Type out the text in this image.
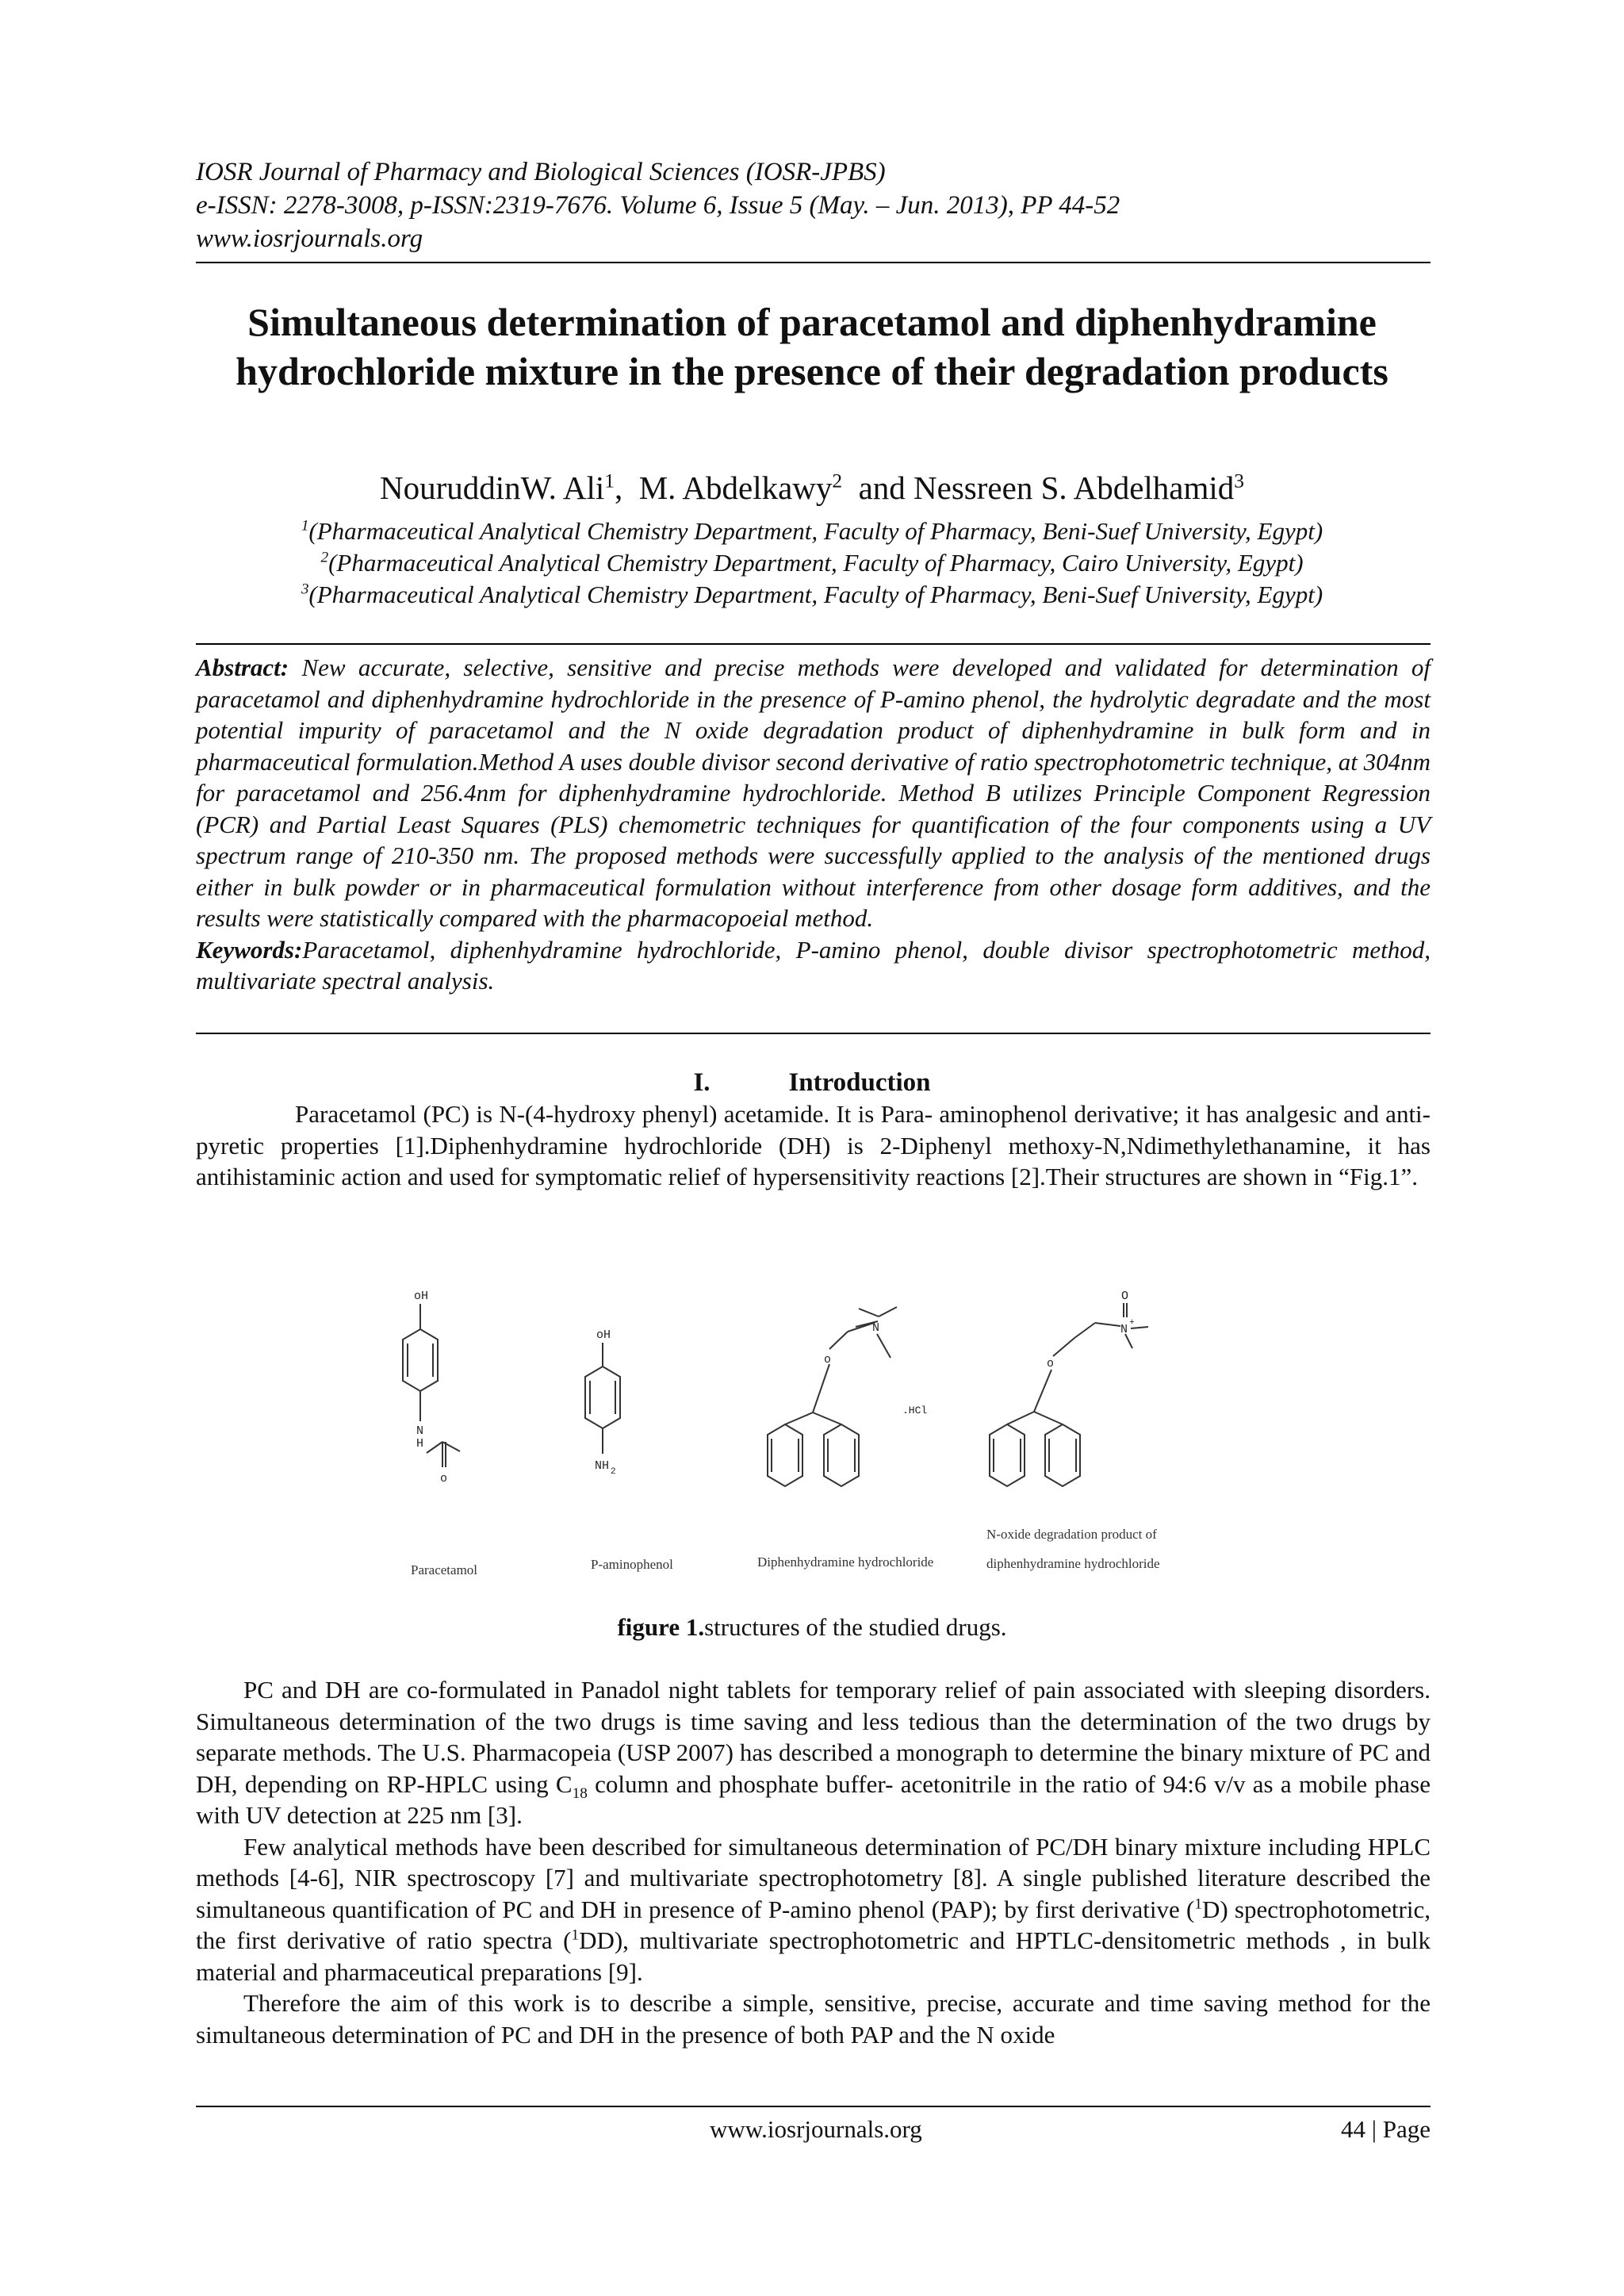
IOSR Journal of Pharmacy and Biological Sciences (IOSR-JPBS)
e-ISSN: 2278-3008, p-ISSN:2319-7676. Volume 6, Issue 5 (May. – Jun. 2013), PP 44-52
www.iosrjournals.org
Simultaneous determination of paracetamol and diphenhydramine hydrochloride mixture in the presence of their degradation products
NouruddinW. Ali$^1$,  M. Abdelkawy$^2$  and Nessreen S. Abdelhamid$^3$
$^1$(Pharmaceutical Analytical Chemistry Department, Faculty of Pharmacy, Beni-Suef University, Egypt)
$^2$(Pharmaceutical Analytical Chemistry Department, Faculty of Pharmacy, Cairo University, Egypt)
$^3$(Pharmaceutical Analytical Chemistry Department, Faculty of Pharmacy, Beni-Suef University, Egypt)
Abstract: New accurate, selective, sensitive and precise methods were developed and validated for determination of paracetamol and diphenhydramine hydrochloride in the presence of P-amino phenol, the hydrolytic degradate and the most potential impurity of paracetamol and the N oxide degradation product of diphenhydramine in bulk form and in pharmaceutical formulation.Method A uses double divisor second derivative of ratio spectrophotometric technique, at 304nm for paracetamol and 256.4nm for diphenhydramine hydrochloride. Method B utilizes Principle Component Regression (PCR) and Partial Least Squares (PLS) chemometric techniques for quantification of the four components using a UV spectrum range of 210-350 nm. The proposed methods were successfully applied to the analysis of the mentioned drugs either in bulk powder or in pharmaceutical formulation without interference from other dosage form additives, and the results were statistically compared with the pharmacopoeial method.
Keywords:Paracetamol, diphenhydramine hydrochloride, P-amino phenol, double divisor spectrophotometric method, multivariate spectral analysis.
I.	Introduction

Paracetamol (PC) is N-(4-hydroxy phenyl) acetamide. It is Para- aminophenol derivative; it has analgesic and anti-pyretic properties [1].Diphenhydramine hydrochloride (DH) is 2-Diphenyl methoxy-N,Ndimethylethanamine, it has antihistaminic action and used for symptomatic relief of hypersensitivity reactions [2].Their structures are shown in “Fig.1”.

oH
N
H
o
oH
NH 2
o
N
.HCl
o
O
N +
Paracetamol	P-aminophenol	Diphenhydramine hydrochloride
N-oxide degradation product of
diphenhydramine hydrochloride
figure 1.structures of the studied drugs.

PC and DH are co-formulated in Panadol night tablets for temporary relief of pain associated with sleeping disorders. Simultaneous determination of the two drugs is time saving and less tedious than the determination of the two drugs by separate methods. The U.S. Pharmacopeia (USP 2007) has described a monograph to determine the binary mixture of PC and DH, depending on RP-HPLC using $C_{18}$ column and phosphate buffer- acetonitrile in the ratio of 94:6 v/v as a mobile phase with UV detection at 225 nm [3].

Few analytical methods have been described for simultaneous determination of PC/DH binary mixture including HPLC methods [4-6], NIR spectroscopy [7] and multivariate spectrophotometry [8]. A single published literature described the simultaneous quantification of PC and DH in presence of P-amino phenol (PAP); by first derivative ($^1$D) spectrophotometric, the first derivative of ratio spectra ($^1$DD), multivariate spectrophotometric and HPTLC-densitometric methods , in bulk material and pharmaceutical preparations [9].

Therefore the aim of this work is to describe a simple, sensitive, precise, accurate and time saving method for the simultaneous determination of PC and DH in the presence of both PAP and the N oxide

www.iosrjournals.org	44 | Page
